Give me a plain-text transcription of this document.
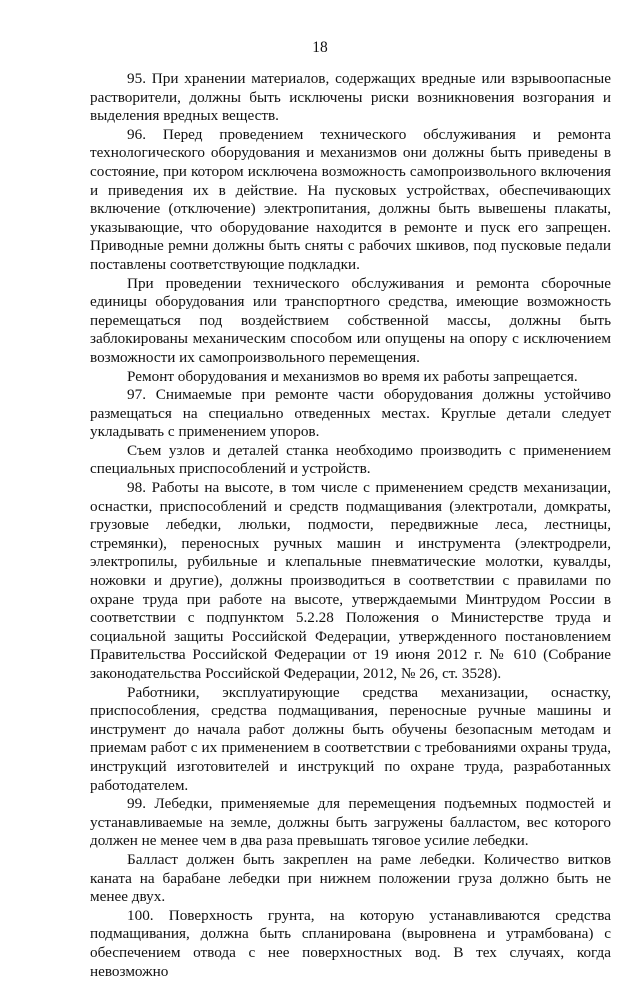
18

95. При хранении материалов, содержащих вредные или взрывоопасные растворители, должны быть исключены риски возникновения возгорания и выделения вредных веществ.

96. Перед проведением технического обслуживания и ремонта технологического оборудования и механизмов они должны быть приведены в состояние, при котором исключена возможность самопроизвольного включения и приведения их в действие. На пусковых устройствах, обеспечивающих включение (отключение) электропитания, должны быть вывешены плакаты, указывающие, что оборудование находится в ремонте и пуск его запрещен. Приводные ремни должны быть сняты с рабочих шкивов, под пусковые педали поставлены соответствующие подкладки.

При проведении технического обслуживания и ремонта сборочные единицы оборудования или транспортного средства, имеющие возможность перемещаться под воздействием собственной массы, должны быть заблокированы механическим способом или опущены на опору с исключением возможности их самопроизвольного перемещения.

Ремонт оборудования и механизмов во время их работы запрещается.

97. Снимаемые при ремонте части оборудования должны устойчиво размещаться на специально отведенных местах. Круглые детали следует укладывать с применением упоров.

Съем узлов и деталей станка необходимо производить с применением специальных приспособлений и устройств.

98. Работы на высоте, в том числе с применением средств механизации, оснастки, приспособлений и средств подмащивания (электротали, домкраты, грузовые лебедки, люльки, подмости, передвижные леса, лестницы, стремянки), переносных ручных машин и инструмента (электродрели, электропилы, рубильные и клепальные пневматические молотки, кувалды, ножовки и другие), должны производиться в соответствии с правилами по охране труда при работе на высоте, утверждаемыми Минтрудом России в соответствии с подпунктом 5.2.28 Положения о Министерстве труда и социальной защиты Российской Федерации, утвержденного постановлением Правительства Российской Федерации от 19 июня 2012 г. № 610 (Собрание законодательства Российской Федерации, 2012, № 26, ст. 3528).

Работники, эксплуатирующие средства механизации, оснастку, приспособления, средства подмащивания, переносные ручные машины и инструмент до начала работ должны быть обучены безопасным методам и приемам работ с их применением в соответствии с требованиями охраны труда, инструкций изготовителей и инструкций по охране труда, разработанных работодателем.

99. Лебедки, применяемые для перемещения подъемных подмостей и устанавливаемые на земле, должны быть загружены балластом, вес которого должен не менее чем в два раза превышать тяговое усилие лебедки.

Балласт должен быть закреплен на раме лебедки. Количество витков каната на барабане лебедки при нижнем положении груза должно быть не менее двух.

100. Поверхность грунта, на которую устанавливаются средства подмащивания, должна быть спланирована (выровнена и утрамбована) с обеспечением отвода с нее поверхностных вод. В тех случаях, когда невозможно
